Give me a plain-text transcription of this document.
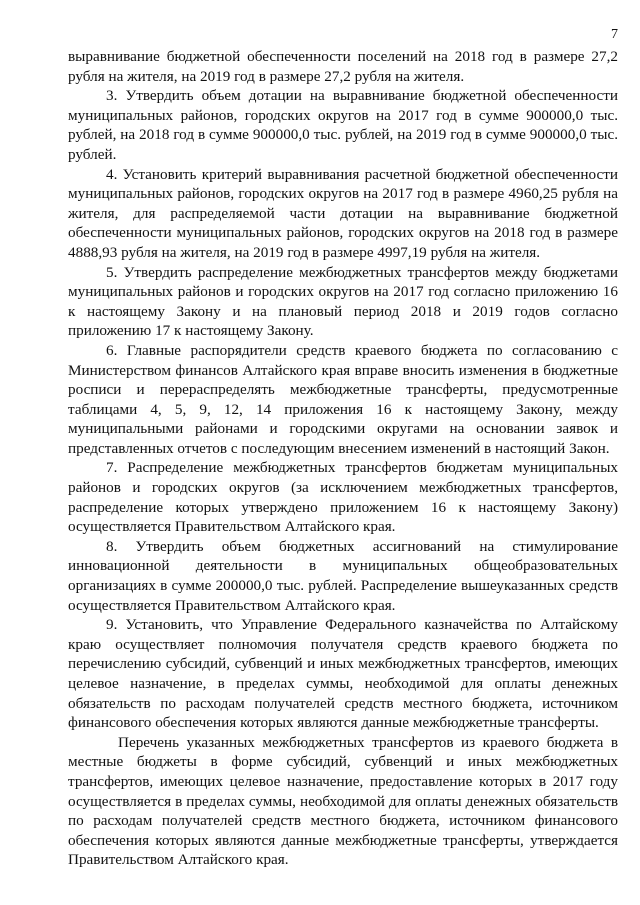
7

выравнивание бюджетной обеспеченности поселений на 2018 год в размере 27,2 рубля на жителя, на 2019 год в размере 27,2 рубля на жителя.

3. Утвердить объем дотации на выравнивание бюджетной обеспеченности муниципальных районов, городских округов на 2017 год в сумме 900000,0 тыс. рублей, на 2018 год в сумме 900000,0 тыс. рублей, на 2019 год в сумме 900000,0 тыс. рублей.

4. Установить критерий выравнивания расчетной бюджетной обеспеченности муниципальных районов, городских округов на 2017 год в размере 4960,25 рубля на жителя, для распределяемой части дотации на выравнивание бюджетной обеспеченности муниципальных районов, городских округов на 2018 год в размере 4888,93 рубля на жителя, на 2019 год в размере 4997,19 рубля на жителя.

5. Утвердить распределение межбюджетных трансфертов между бюджетами муниципальных районов и городских округов на 2017 год согласно приложению 16 к настоящему Закону и на плановый период 2018 и 2019 годов согласно приложению 17 к настоящему Закону.

6. Главные распорядители средств краевого бюджета по согласованию с Министерством финансов Алтайского края вправе вносить изменения в бюджетные росписи и перераспределять межбюджетные трансферты, предусмотренные таблицами 4, 5, 9, 12, 14 приложения 16 к настоящему Закону, между муниципальными районами и городскими округами на основании заявок и представленных отчетов с последующим внесением изменений в настоящий Закон.

7. Распределение межбюджетных трансфертов бюджетам муниципальных районов и городских округов (за исключением межбюджетных трансфертов, распределение которых утверждено приложением 16 к настоящему Закону) осуществляется Правительством Алтайского края.

8. Утвердить объем бюджетных ассигнований на стимулирование инновационной деятельности в муниципальных общеобразовательных организациях в сумме 200000,0 тыс. рублей. Распределение вышеуказанных средств осуществляется Правительством Алтайского края.

9. Установить, что Управление Федерального казначейства по Алтайскому краю осуществляет полномочия получателя средств краевого бюджета по перечислению субсидий, субвенций и иных межбюджетных трансфертов, имеющих целевое назначение, в пределах суммы, необходимой для оплаты денежных обязательств по расходам получателей средств местного бюджета, источником финансового обеспечения которых являются данные межбюджетные трансферты.

Перечень указанных межбюджетных трансфертов из краевого бюджета в местные бюджеты в форме субсидий, субвенций и иных межбюджетных трансфертов, имеющих целевое назначение, предоставление которых в 2017 году осуществляется в пределах суммы, необходимой для оплаты денежных обязательств по расходам получателей средств местного бюджета, источником финансового обеспечения которых являются данные межбюджетные трансферты, утверждается Правительством Алтайского края.
